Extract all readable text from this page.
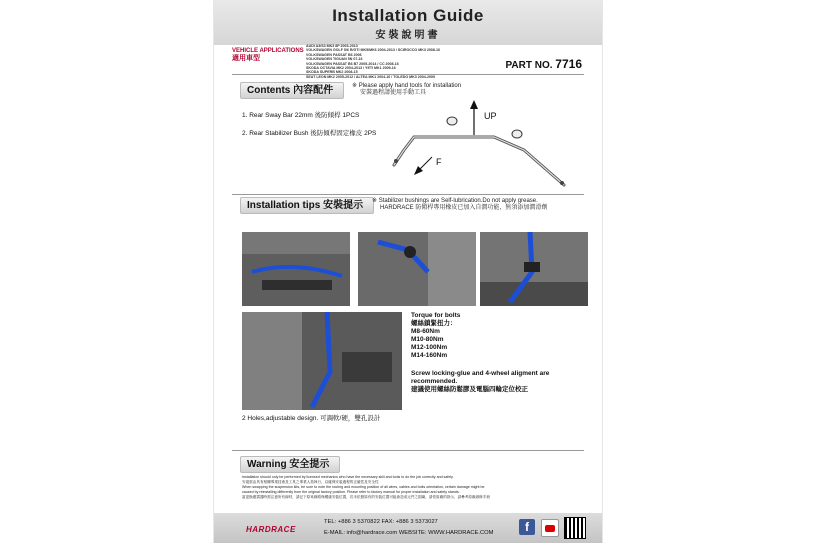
Installation Guide
安裝說明書
VEHICLE APPLICATIONS
適用車型
AUDI A3/S3 MK3 8P 2003-2013
VOLKSWAGEN GOLF 5/6 R/GTI MK5/MK6 2004-2013 / SCIROCCO MK3 2008-16
VOLKSWAGEN PASSAT B6 2006
VOLKSWAGEN TIGUAN 5N 07-16
VOLKSWAGEN PASSAT B6 B7 2005-2014 / CC 2008-16
SKODA OCTAVIA MK2 2004-2013 / YETI MK1 2009-16
SKODA SUPERB MK2 2008-15
SEAT LEON MK2 2005-2012 / ALTEA MK1 2004-16 / TOLEDO MK3 2004-2009
PART NO. 7716
Contents 內容配件	※ Please apply hand tools for installation
安裝過程請使用手動工具
1. Rear Sway Bar 22mm 後防傾桿 1PCS
2. Rear Stabilizer Bush 後防傾桿固定橡皮 2PS
UP
F
Installation tips 安裝提示	※ Stabilizer bushings are Self-lubrication.Do not apply grease.
HARDRACE 防傾桿專用橡皮已加入自潤功能，無須添加潤滑劑
Torque for bolts
螺絲鎖緊扭力：
M8-60Nm
M10-80Nm
M12-100Nm
M14-160Nm
Screw locking-glue and 4-wheel aligment are recommended.
建議使用螺絲防鬆膠及電腦四輪定位校正
2 Holes,adjustable design. 可調軟/硬，雙孔設計
Warning 安全提示
Installation should only be performed by licensed mechanics who have the necessary skill and tools to do the job correctly and safely.
安裝需由具有相關專業技術及工具之專業人員執行，以確保安裝過程的正確性及安全性
When swapping the suspension kits, be sure to note the routing and mounting position of all wires, cables and bolts orientation, certain damage might be
caused by reinstalling differently from the original factory position. Please refer to factory manual for proper installation and safety stands.
當更換避震器時需注意所有線材，請記下原來線路與螺絲安裝位置，若未依照原有的安裝位置可能會造成元件之損壞，請依原廠的指示，請參考原廠維修手冊
HARDRACE
TEL: +886 3 5370822 FAX: +886 3 5373027
E-MAIL: info@hardrace.com WEBSITE: WWW.HARDRACE.COM	f
